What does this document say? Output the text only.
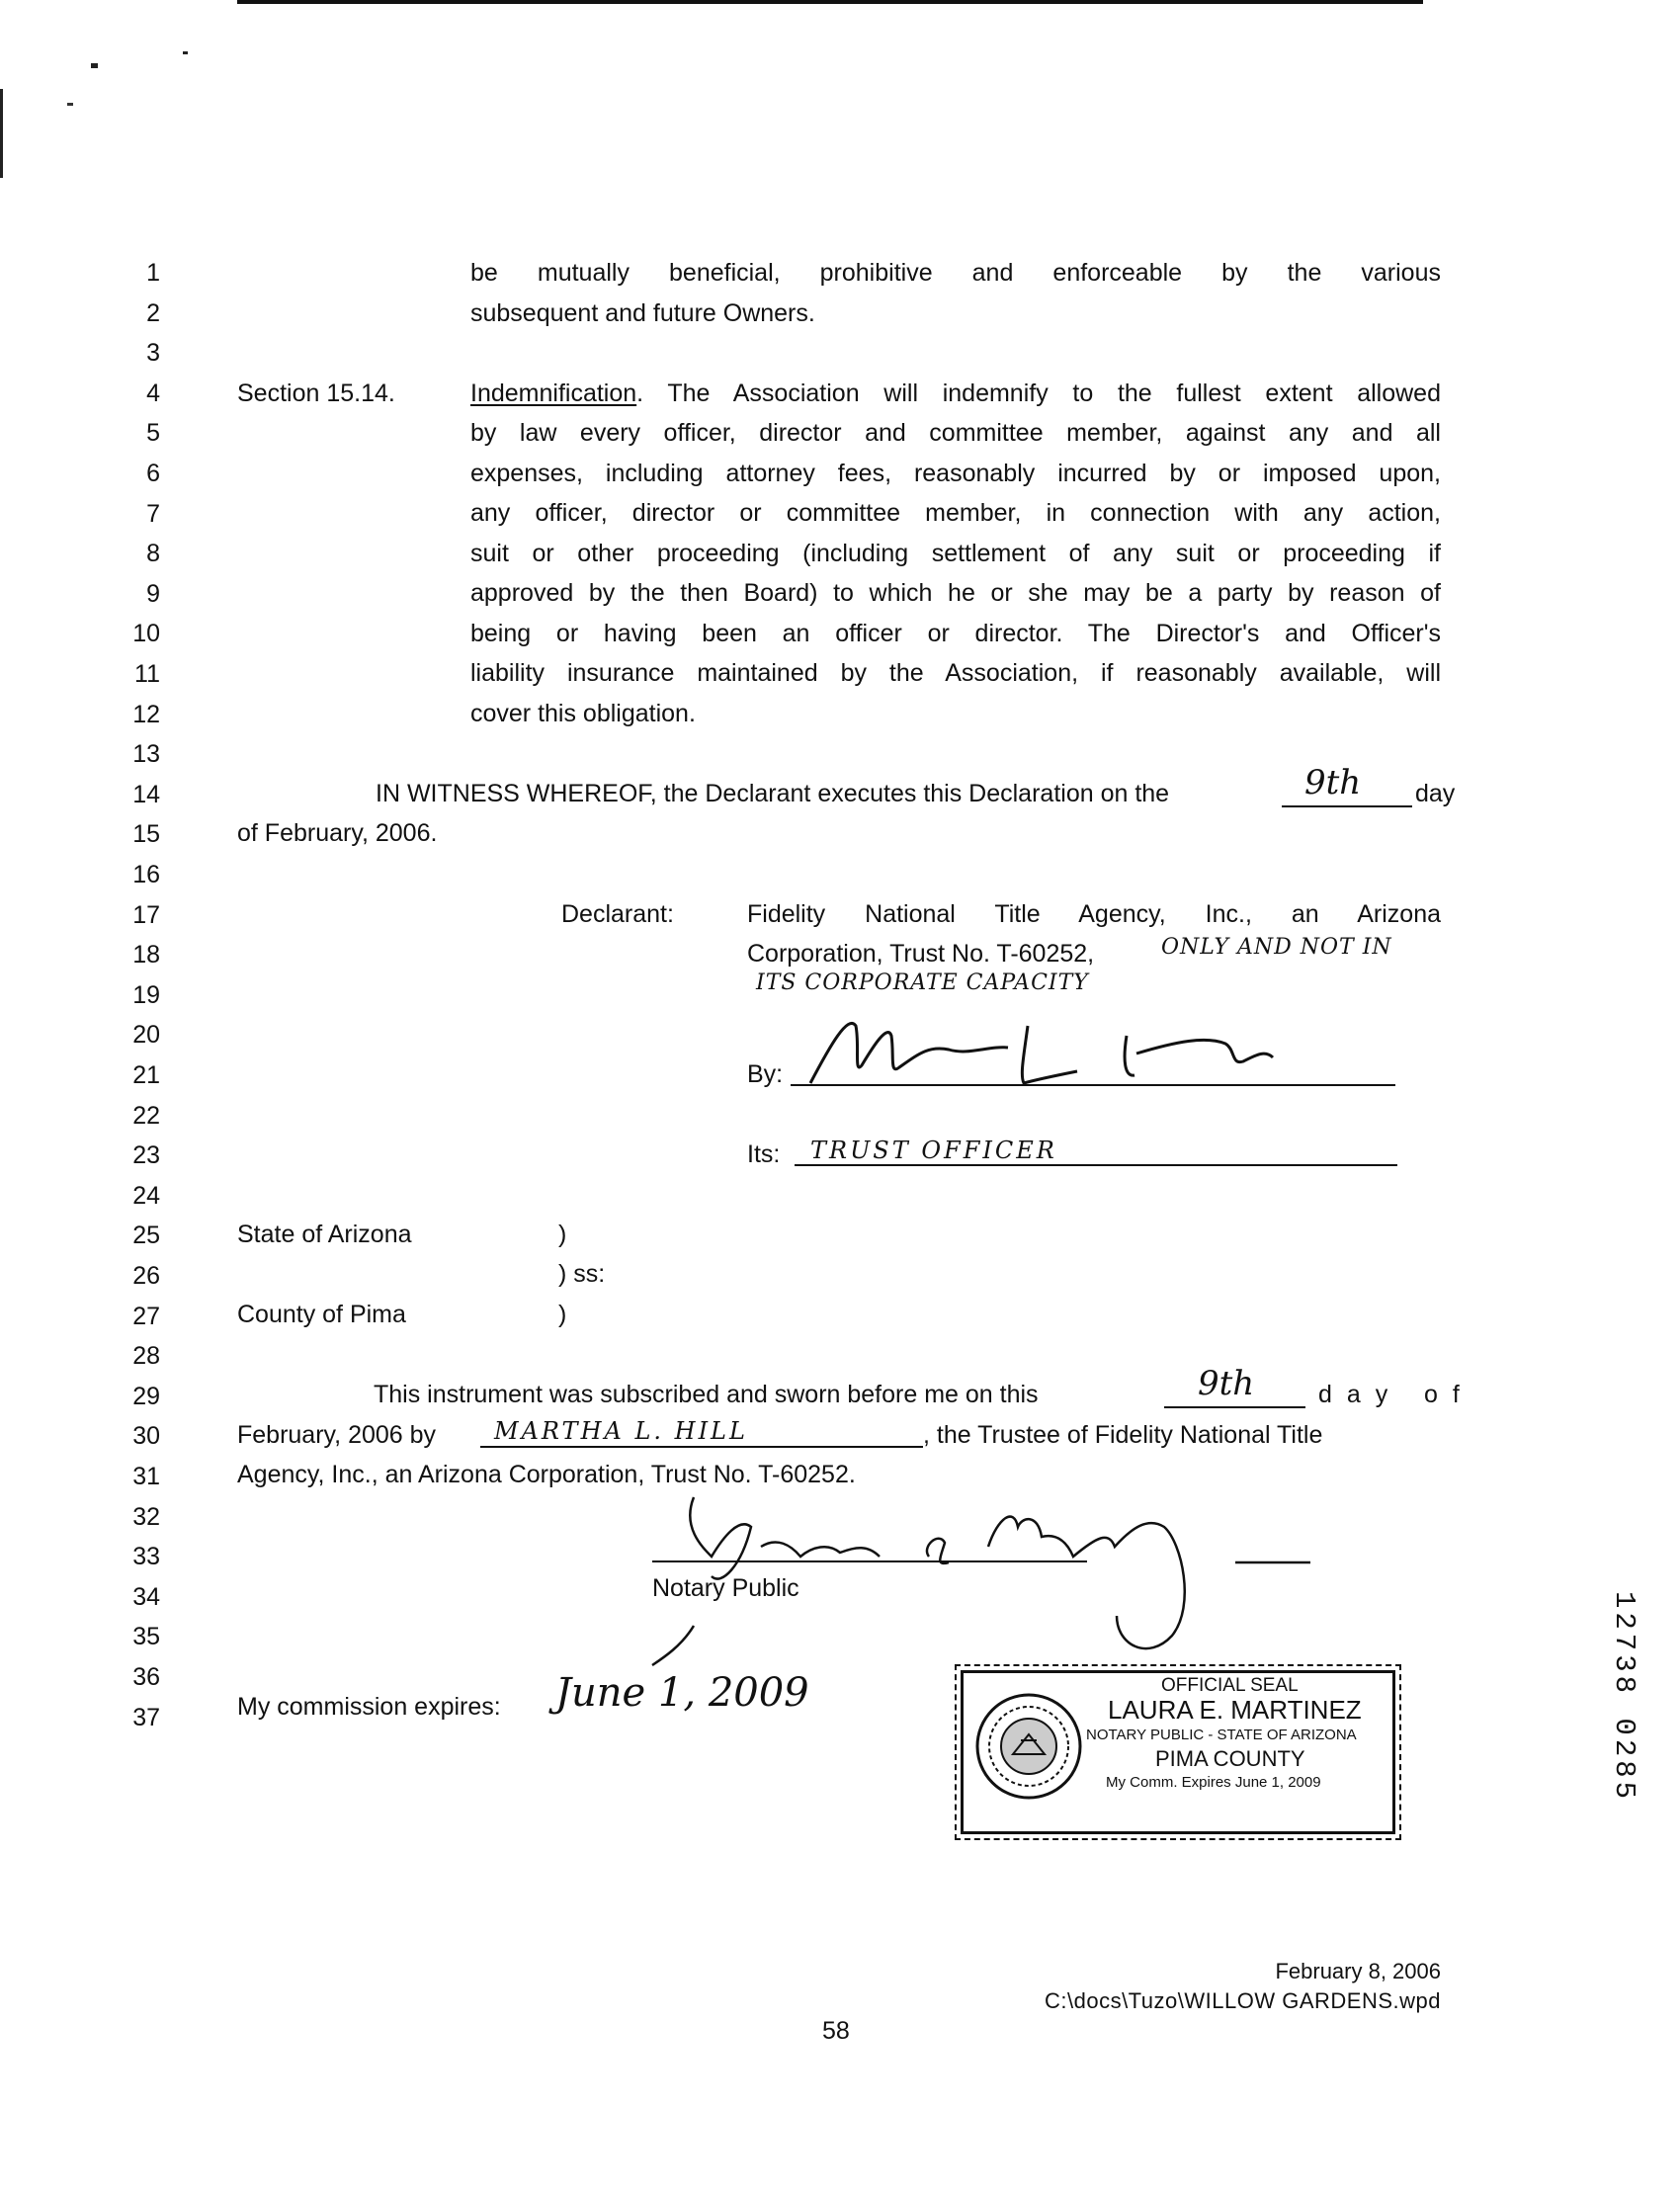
1
2
3
4
5
6
7
8
9
10
11
12
13
14
15
16
17
18
19
20
21
22
23
24
25
26
27
28
29
30
31
32
33
34
35
36
37
be mutually beneficial, prohibitive and enforceable by the various
subsequent and future Owners.
Section 15.14.	Indemnification. The Association will indemnify to the fullest extent allowed
by law every officer, director and committee member, against any and all
expenses, including attorney fees, reasonably incurred by or imposed upon,
any officer, director or committee member, in connection with any action,
suit or other proceeding (including settlement of any suit or proceeding if
approved by the then Board) to which he or she may be a party by reason of
being or having been an officer or director. The Director's and Officer's
liability insurance maintained by the Association, if reasonably available, will
cover this obligation.
IN WITNESS WHEREOF, the Declarant executes this Declaration on the	9th day
of February, 2006.
Declarant:	Fidelity National Title Agency, Inc., an Arizona
Corporation, Trust No. T-60252,	ONLY AND NOT IN
ITS CORPORATE CAPACITY
By:
Its: TRUST OFFICER
State of Arizona	)
) ss:
County of Pima	)
This instrument was subscribed and sworn before me on this	9th	d a y   o f
February, 2006 by MARTHA L. HILL	, the Trustee of Fidelity National Title
Agency, Inc., an Arizona Corporation, Trust No. T-60252.
Notary Public
My commission expires: June 1, 2009	OFFICIAL SEAL
LAURA E. MARTINEZ
NOTARY PUBLIC - STATE OF ARIZONA
PIMA COUNTY
My Comm. Expires June 1, 2009	12738 0285
February 8, 2006
C:\docs\Tuzo\WILLOW GARDENS.wpd
58
